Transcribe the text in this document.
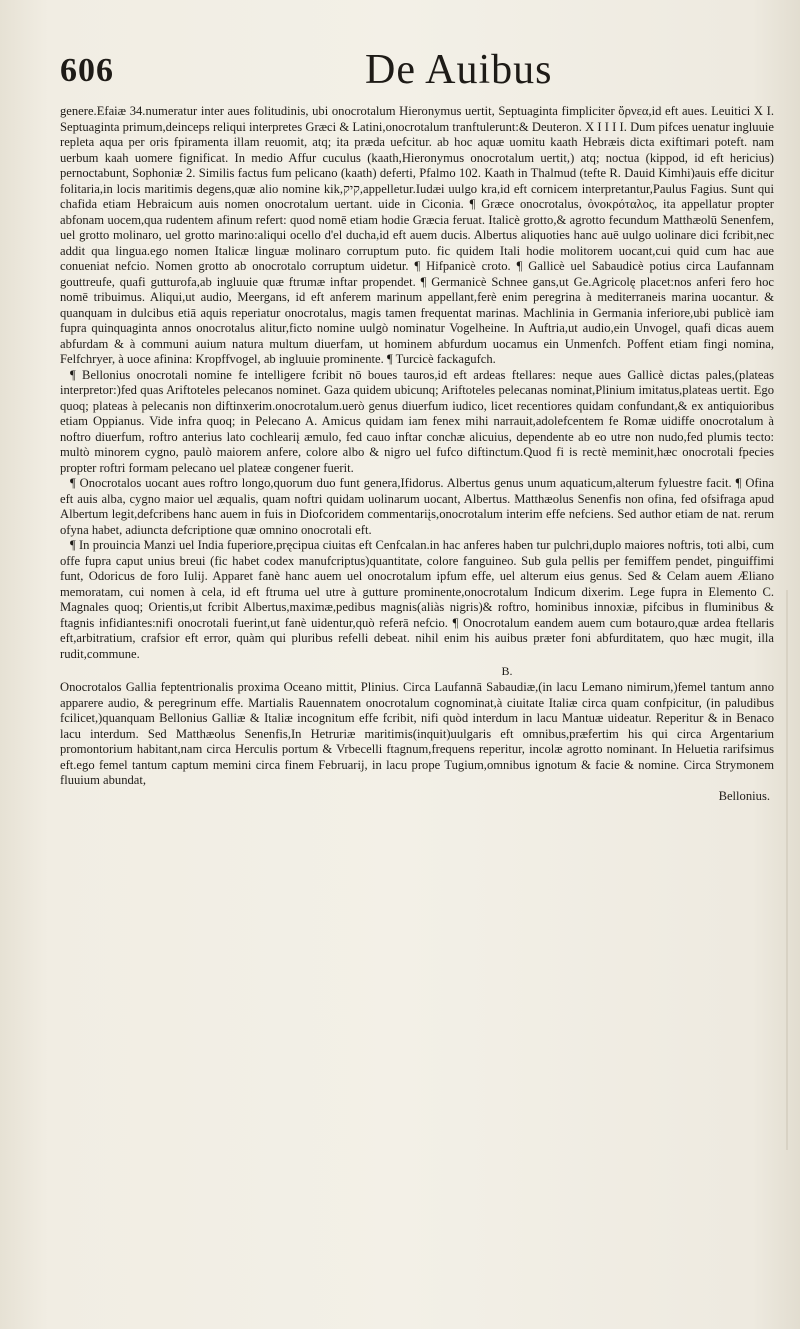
606	De Auibus

genere.Efaiæ 34.numeratur inter aues folitudinis, ubi onocrotalum Hieronymus uertit, Septuaginta fimpliciter ὄρνεα,id eft aues. Leuitici X I. Septuaginta primum,deinceps reliqui interpretes Græci & Latini,onocrotalum tranftulerunt:& Deuteron. X I I I I. Dum pifces uenatur ingluuie repleta aqua per oris fpiramenta illam reuomit, atq; ita præda uefcitur. ab hoc aquæ uomitu kaath Hebræis dicta exiftimari poteft. nam uerbum kaah uomere fignificat. In medio Affur cuculus (kaath,Hieronymus onocrotalum uertit,) atq; noctua (kippod, id eft hericius) pernoctabunt, Sophoniæ 2. Similis factus fum pelicano (kaath) deferti, Pfalmo 102. Kaath in Thalmud (tefte R. Dauid Kimhi)auis effe dicitur folitaria,in locis maritimis degens,quæ alio nomine kik,קיק,appelletur.Iudæi uulgo kra,id eft cornicem interpretantur,Paulus Fagius. Sunt qui chafida etiam Hebraicum auis nomen onocrotalum uertant. uide in Ciconia. ¶ Græce onocrotalus, ὀνοκρόταλος, ita appellatur propter abfonam uocem,qua rudentem afinum refert: quod nomē etiam hodie Græcia feruat. Italicè grotto,& agrotto fecundum Matthæolū Senenfem, uel grotto molinaro, uel grotto marino:aliqui ocello d'el ducha,id eft auem ducis. Albertus aliquoties hanc auē uulgo uolinare dici fcribit,nec addit qua lingua.ego nomen Italicæ linguæ molinaro corruptum puto. fic quidem Itali hodie molitorem uocant,cui quid cum hac aue conueniat nefcio. Nomen grotto ab onocrotalo corruptum uidetur. ¶ Hifpanicè croto. ¶ Gallicè uel Sabaudicè potius circa Laufannam gouttreufe, quafi gutturofa,ab ingluuie quæ ftrumæ inftar propendet. ¶ Germanicè Schnee gans,ut Ge.Agricolę placet:nos anferi fero hoc nomē tribuimus. Aliqui,ut audio, Meergans, id eft anferem marinum appellant,ferè enim peregrina à mediterraneis marina uocantur. & quanquam in dulcibus etiā aquis reperiatur onocrotalus, magis tamen frequentat marinas. Machlinia in Germania inferiore,ubi publicè iam fupra quinquaginta annos onocrotalus alitur,ficto nomine uulgò nominatur Vogelheine. In Auftria,ut audio,ein Unvogel, quafi dicas auem abfurdam & à communi auium natura multum diuerfam, ut hominem abfurdum uocamus ein Unmenfch. Poffent etiam fingi nomina, Felfchryer, à uoce afinina: Kropffvogel, ab ingluuie prominente. ¶ Turcicè fackagufch.

¶ Bellonius onocrotali nomine fe intelligere fcribit nō boues tauros,id eft ardeas ftellares: neque aues Gallicè dictas pales,(plateas interpretor:)fed quas Ariftoteles pelecanos nominet. Gaza quidem ubicunq; Ariftoteles pelecanas nominat,Plinium imitatus,plateas uertit. Ego quoq; plateas à pelecanis non diftinxerim.onocrotalum.uerò genus diuerfum iudico, licet recentiores quidam confundant,& ex antiquioribus etiam Oppianus. Vide infra quoq; in Pelecano A. Amicus quidam iam fenex mihi narrauit,adolefcentem fe Romæ uidiffe onocrotalum à noftro diuerfum, roftro anterius lato cochleariį æmulo, fed cauo inftar conchæ alicuius, dependente ab eo utre non nudo,fed plumis tecto: multò minorem cygno, paulò maiorem anfere, colore albo & nigro uel fufco diftinctum.Quod fi is rectè meminit,hæc onocrotali fpecies propter roftri formam pelecano uel plateæ congener fuerit.

¶ Onocrotalos uocant aues roftro longo,quorum duo funt genera,Ifidorus. Albertus genus unum aquaticum,alterum fyluestre facit. ¶ Ofina eft auis alba, cygno maior uel æqualis, quam noftri quidam uolinarum uocant, Albertus. Matthæolus Senenfis non ofina, fed ofsifraga apud Albertum legit,defcribens hanc auem in fuis in Diofcoridem commentariįs,onocrotalum interim effe nefciens. Sed author etiam de nat. rerum ofyna habet, adiuncta defcriptione quæ omnino onocrotali eft.

¶ In prouincia Manzi uel India fuperiore,pręcipua ciuitas eft Cenfcalan.in hac anferes haben tur pulchri,duplo maiores noftris, toti albi, cum offe fupra caput unius breui (fic habet codex manufcriptus)quantitate, colore fanguineo. Sub gula pellis per femiffem pendet, pinguiffimi funt, Odoricus de foro Iulij. Apparet fanè hanc auem uel onocrotalum ipfum effe, uel alterum eius genus. Sed & Celam auem Æliano memoratam, cui nomen à cela, id eft ftruma uel utre à gutture prominente,onocrotalum Indicum dixerim. Lege fupra in Elemento C. Magnales quoq; Orientis,ut fcribit Albertus,maximæ,pedibus magnis(aliàs nigris)& roftro, hominibus innoxiæ, pifcibus in fluminibus & ftagnis infidiantes:nifi onocrotali fuerint,ut fanè uidentur,quò referā nefcio. ¶ Onocrotalum eandem auem cum botauro,quæ ardea ftellaris eft,arbitratium, crafsior eft error, quàm qui pluribus refelli debeat. nihil enim his auibus præter foni abfurditatem, quo hæc mugit, illa rudit,commune.

B.

Onocrotalos Gallia feptentrionalis proxima Oceano mittit, Plinius. Circa Laufannā Sabaudiæ,(in lacu Lemano nimirum,)femel tantum anno apparere audio, & peregrinum effe. Martialis Rauennatem onocrotalum cognominat,à ciuitate Italiæ circa quam confpicitur, (in paludibus fcilicet,)quanquam Bellonius Galliæ & Italiæ incognitum effe fcribit, nifi quòd interdum in lacu Mantuæ uideatur. Reperitur & in Benaco lacu interdum. Sed Matthæolus Senenfis,In Hetruriæ maritimis(inquit)uulgaris eft omnibus,præfertim his qui circa Argentarium promontorium habitant,nam circa Herculis portum & Vrbecelli ftagnum,frequens reperitur, incolæ agrotto nominant. In Heluetia rarifsimus eft.ego femel tantum captum memini circa finem Februarij, in lacu prope Tugium,omnibus ignotum & facie & nomine. Circa Strymonem fluuium abundat,

Bellonius.
